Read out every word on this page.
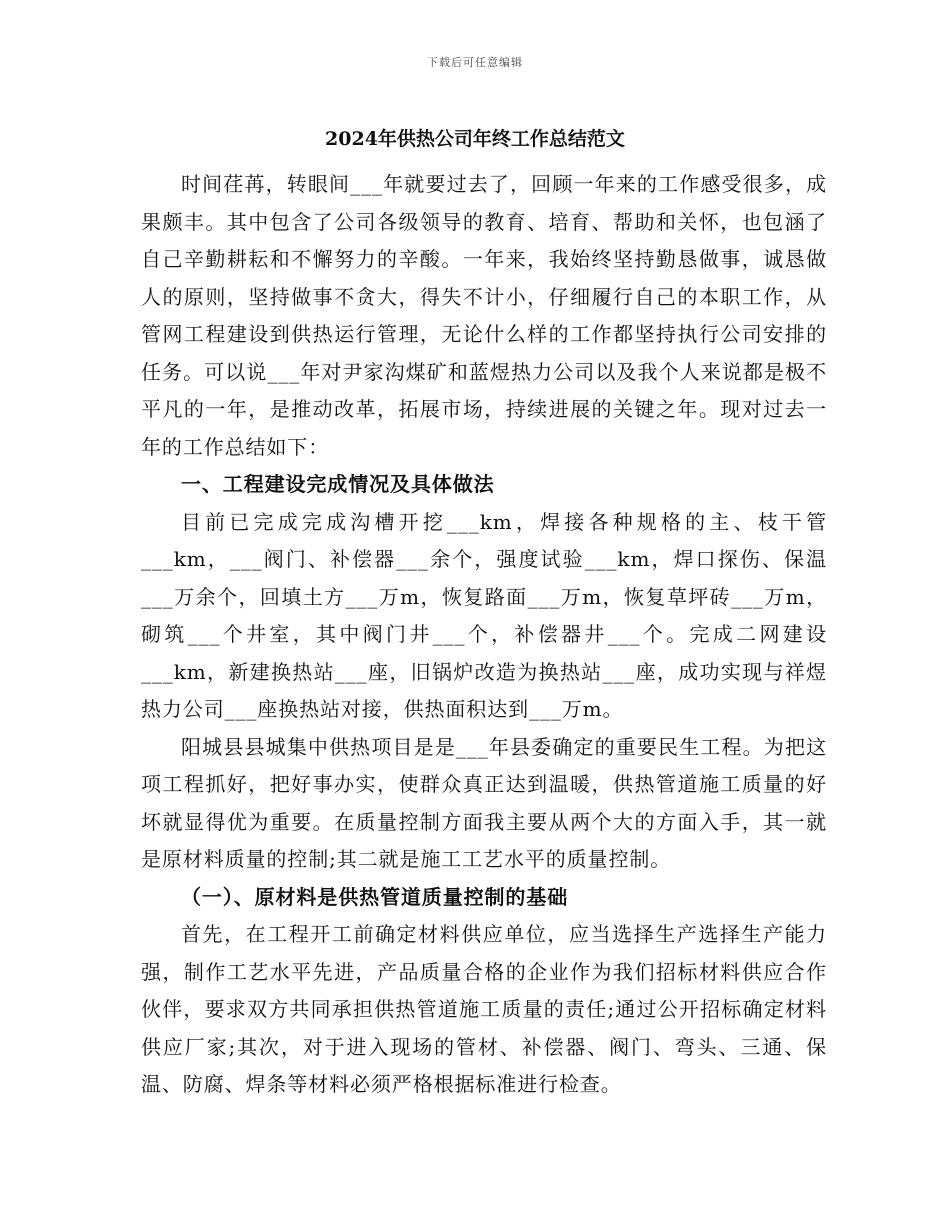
下载后可任意编辑
2024年供热公司年终工作总结范文

时间荏苒，转眼间___年就要过去了，回顾一年来的工作感受很多，成果颇丰。其中包含了公司各级领导的教育、培育、帮助和关怀，也包涵了自己辛勤耕耘和不懈努力的辛酸。一年来，我始终坚持勤恳做事，诚恳做人的原则，坚持做事不贪大，得失不计小，仔细履行自己的本职工作，从管网工程建设到供热运行管理，无论什么样的工作都坚持执行公司安排的任务。可以说___年对尹家沟煤矿和蓝煜热力公司以及我个人来说都是极不平凡的一年，是推动改革，拓展市场，持续进展的关键之年。现对过去一年的工作总结如下：

一、工程建设完成情况及具体做法

目前已完成完成沟槽开挖___km，焊接各种规格的主、枝干管___km，___阀门、补偿器___余个，强度试验___km，焊口探伤、保温___万余个，回填土方___万m，恢复路面___万m，恢复草坪砖___万m，砌筑___个井室，其中阀门井___个，补偿器井___个。完成二网建设___km，新建换热站___座，旧锅炉改造为换热站___座，成功实现与祥煜热力公司___座换热站对接，供热面积达到___万m。

阳城县县城集中供热项目是是___年县委确定的重要民生工程。为把这项工程抓好，把好事办实，使群众真正达到温暖，供热管道施工质量的好坏就显得优为重要。在质量控制方面我主要从两个大的方面入手，其一就是原材料质量的控制;其二就是施工工艺水平的质量控制。

（一）、原材料是供热管道质量控制的基础

首先，在工程开工前确定材料供应单位，应当选择生产选择生产能力强，制作工艺水平先进，产品质量合格的企业作为我们招标材料供应合作伙伴，要求双方共同承担供热管道施工质量的责任;通过公开招标确定材料供应厂家;其次，对于进入现场的管材、补偿器、阀门、弯头、三通、保温、防腐、焊条等材料必须严格根据标准进行检查。
